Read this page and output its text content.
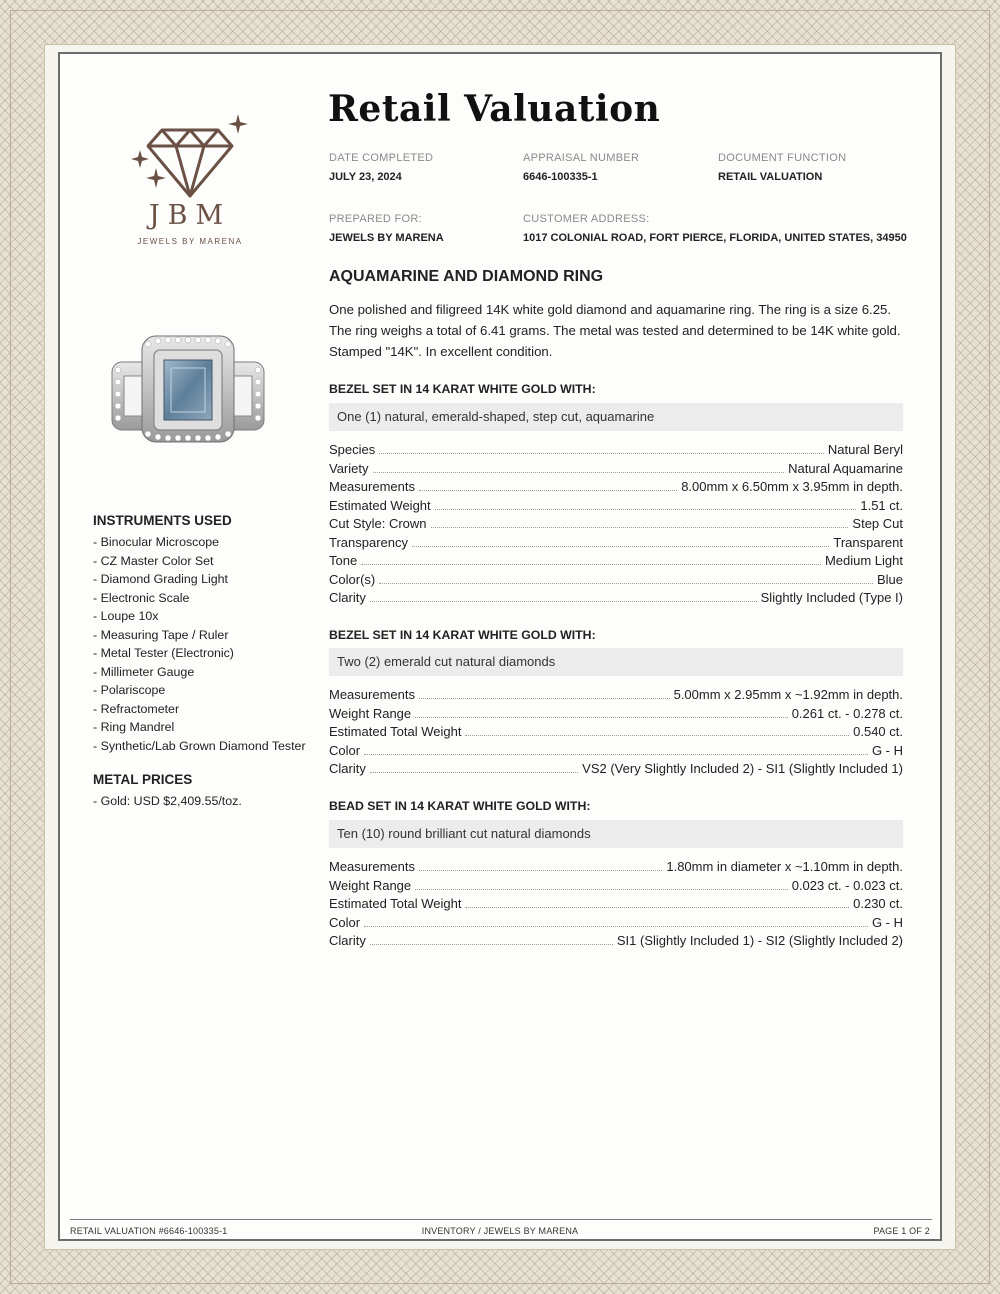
JBM
JEWELS BY MARENA
Retail Valuation
DATE COMPLETED
JULY 23, 2024
APPRAISAL NUMBER
6646-100335-1
DOCUMENT FUNCTION
RETAIL VALUATION
PREPARED FOR:
JEWELS BY MARENA
CUSTOMER ADDRESS:
1017 COLONIAL ROAD, FORT PIERCE, FLORIDA, UNITED STATES, 34950
AQUAMARINE AND DIAMOND RING
One polished and filigreed 14K white gold diamond and aquamarine ring. The ring is a size 6.25. The ring weighs a total of 6.41 grams. The metal was tested and determined to be 14K white gold. Stamped "14K". In excellent condition.
BEZEL SET IN 14 KARAT WHITE GOLD WITH:
One (1) natural, emerald-shaped, step cut, aquamarine
Species	Natural Beryl
Variety	Natural Aquamarine
Measurements	8.00mm x 6.50mm x 3.95mm in depth.
Estimated Weight	1.51 ct.
Cut Style: Crown	Step Cut
Transparency	Transparent
Tone	Medium Light
Color(s)	Blue
Clarity	Slightly Included (Type I)
BEZEL SET IN 14 KARAT WHITE GOLD WITH:
Two (2) emerald cut natural diamonds
Measurements	5.00mm x 2.95mm x ~1.92mm in depth.
Weight Range	0.261 ct. - 0.278 ct.
Estimated Total Weight	0.540 ct.
Color	G - H
Clarity	VS2 (Very Slightly Included 2) - SI1 (Slightly Included 1)
BEAD SET IN 14 KARAT WHITE GOLD WITH:
Ten (10) round brilliant cut natural diamonds
Measurements	1.80mm in diameter x ~1.10mm in depth.
Weight Range	0.023 ct. - 0.023 ct.
Estimated Total Weight	0.230 ct.
Color	G - H
Clarity	SI1 (Slightly Included 1) - SI2 (Slightly Included 2)
INSTRUMENTS USED
- Binocular Microscope
- CZ Master Color Set
- Diamond Grading Light
- Electronic Scale
- Loupe 10x
- Measuring Tape / Ruler
- Metal Tester (Electronic)
- Millimeter Gauge
- Polariscope
- Refractometer
- Ring Mandrel
- Synthetic/Lab Grown Diamond Tester
METAL PRICES
- Gold: USD $2,409.55/toz.
RETAIL VALUATION #6646-100335-1	INVENTORY / JEWELS BY MARENA	PAGE 1 OF 2
